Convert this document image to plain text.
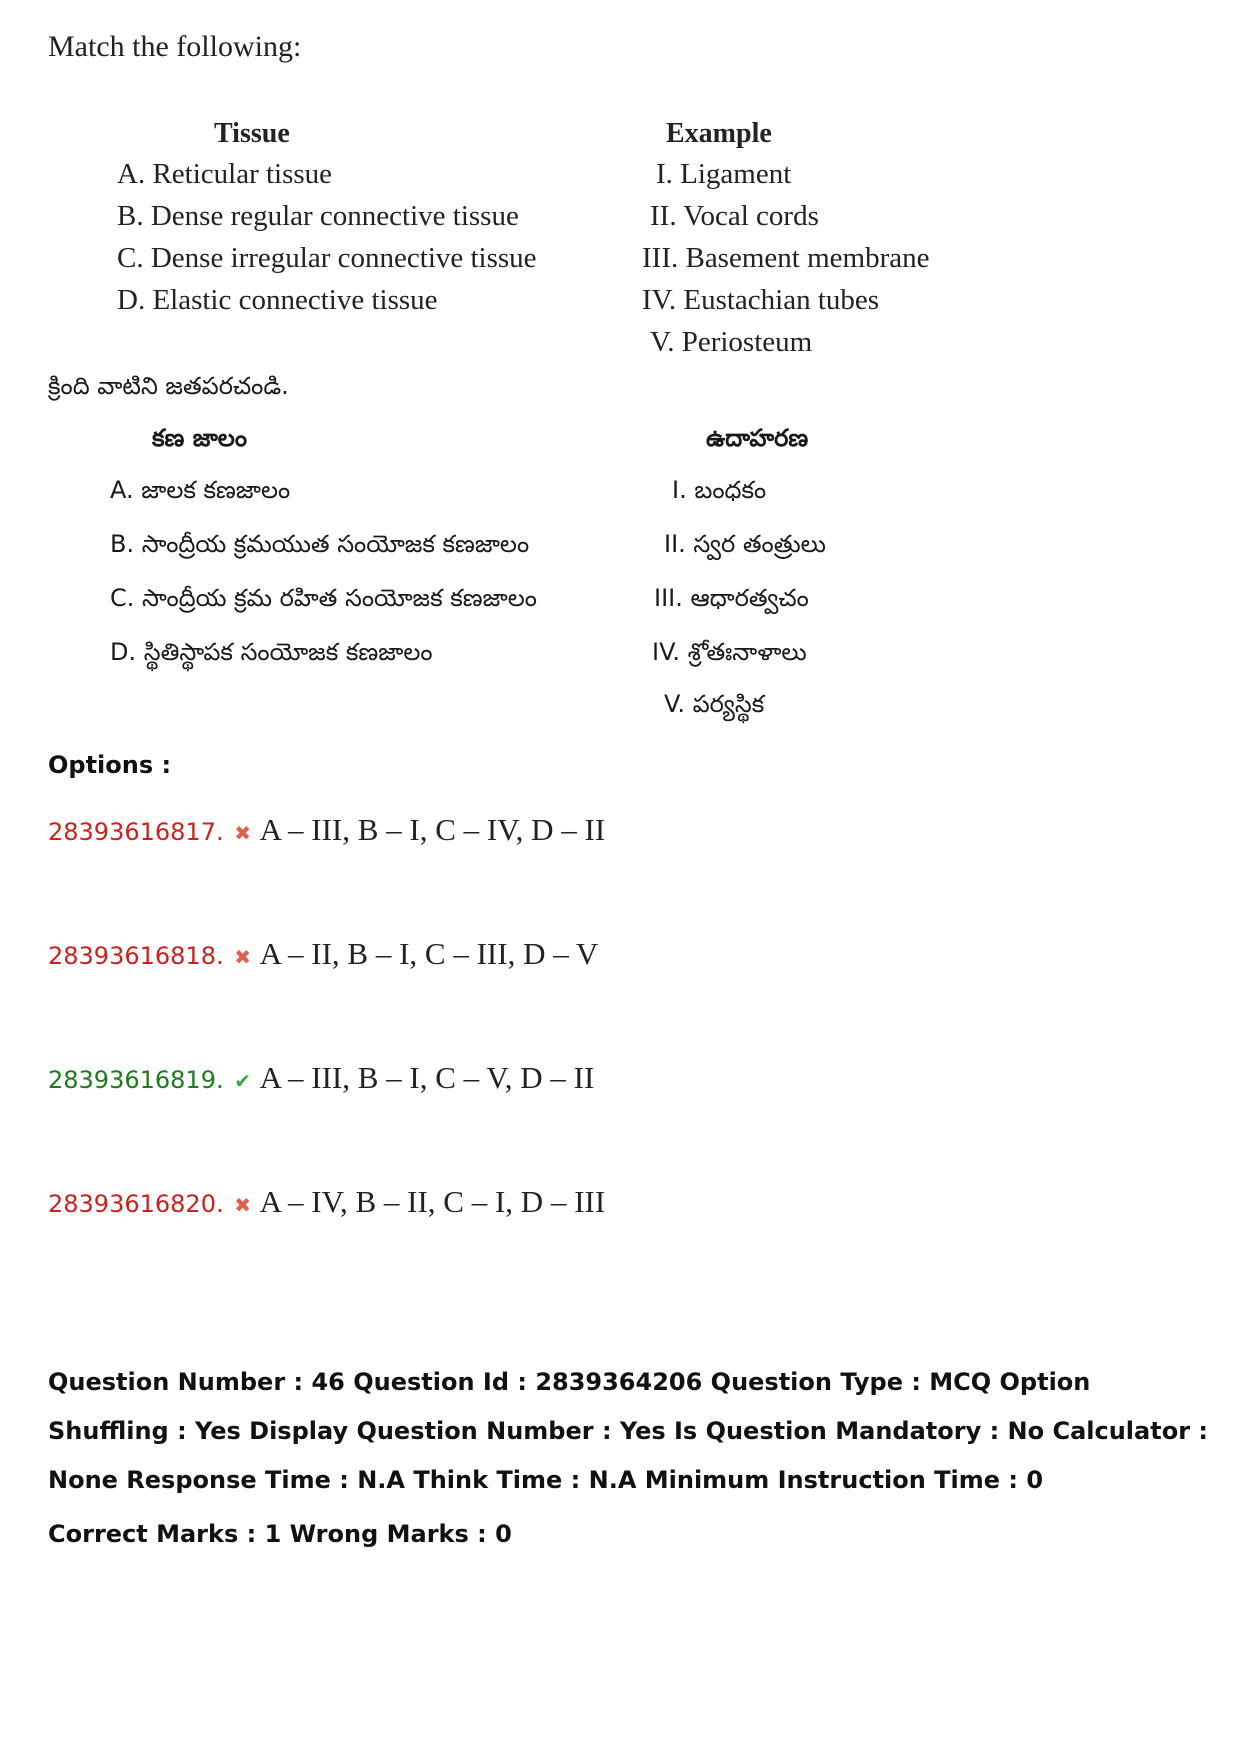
Match the following:
Tissue	Example
A. Reticular tissue
B. Dense regular connective tissue
C. Dense irregular connective tissue
D. Elastic connective tissue
I. Ligament
II. Vocal cords
III. Basement membrane
IV. Eustachian tubes
V. Periosteum
క్రింది వాటిని జతపరచండి.
కణ జాలం	ఉదాహరణ
A. జాలక కణజాలం
B. సాంద్రీయ క్రమయుత సంయోజక కణజాలం
C. సాంద్రీయ క్రమ రహిత సంయోజక కణజాలం
D. స్థితిస్థాపక సంయోజక కణజాలం
I. బంధకం
II. స్వర తంత్రులు
III. ఆధారత్వచం
IV. శ్రోతఃనాళాలు
V. పర్యస్థిక
Options :
28393616817. ✖ A – III, B – I, C – IV, D – II
28393616818. ✖ A – II, B – I, C – III, D – V
28393616819. ✔ A – III, B – I, C – V, D – II
28393616820. ✖ A – IV, B – II, C – I, D – III
Question Number : 46 Question Id : 2839364206 Question Type : MCQ Option Shuffling : Yes Display Question Number : Yes Is Question Mandatory : No Calculator : None Response Time : N.A Think Time : N.A Minimum Instruction Time : 0
Correct Marks : 1 Wrong Marks : 0
